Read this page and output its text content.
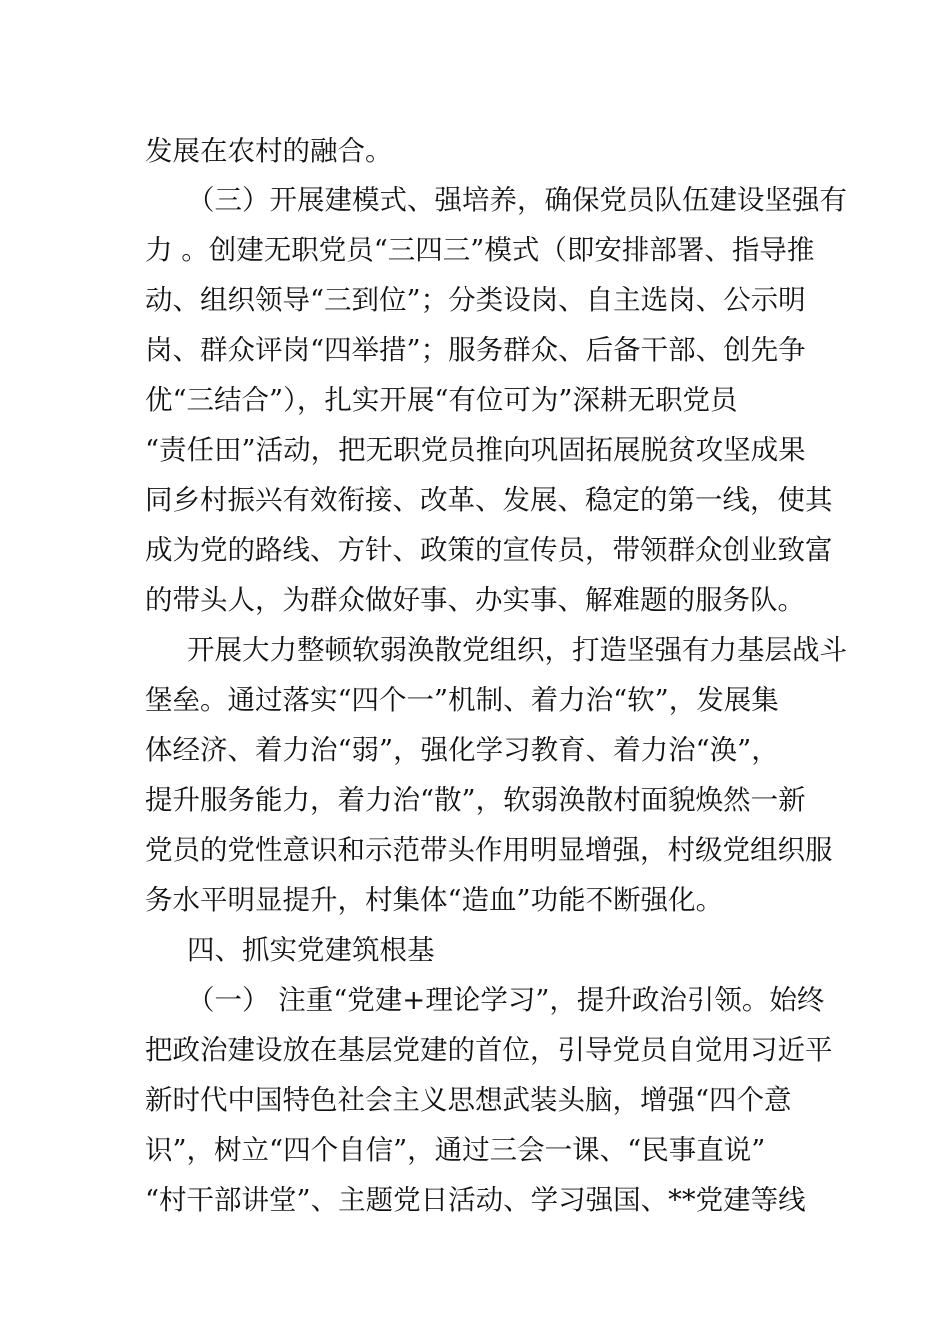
发展在农村的融合。
（三）开展建模式、强培养，确保党员队伍建设坚强有
力 。创建无职党员“三四三”模式（即安排部署、指导推
动、组织领导“三到位”；分类设岗、自主选岗、公示明
岗、群众评岗“四举措”；服务群众、后备干部、创先争
优“三结合”），扎实开展“有位可为”深耕无职党员
“责任田”活动，把无职党员推向巩固拓展脱贫攻坚成果
同乡村振兴有效衔接、改革、发展、稳定的第一线，使其
成为党的路线、方针、政策的宣传员，带领群众创业致富
的带头人，为群众做好事、办实事、解难题的服务队。
开展大力整顿软弱涣散党组织，打造坚强有力基层战斗
堡垒。通过落实“四个一”机制、着力治“软”，发展集
体经济、着力治“弱”，强化学习教育、着力治“涣”，
提升服务能力，着力治“散”，软弱涣散村面貌焕然一新
党员的党性意识和示范带头作用明显增强，村级党组织服
务水平明显提升，村集体“造血”功能不断强化。
四、抓实党建筑根基
（一） 注重“党建+理论学习”，提升政治引领。始终
把政治建设放在基层党建的首位，引导党员自觉用习近平
新时代中国特色社会主义思想武装头脑，增强“四个意
识”，树立“四个自信”，通过三会一课、“民事直说”
“村干部讲堂”、主题党日活动、学习强国、**党建等线
